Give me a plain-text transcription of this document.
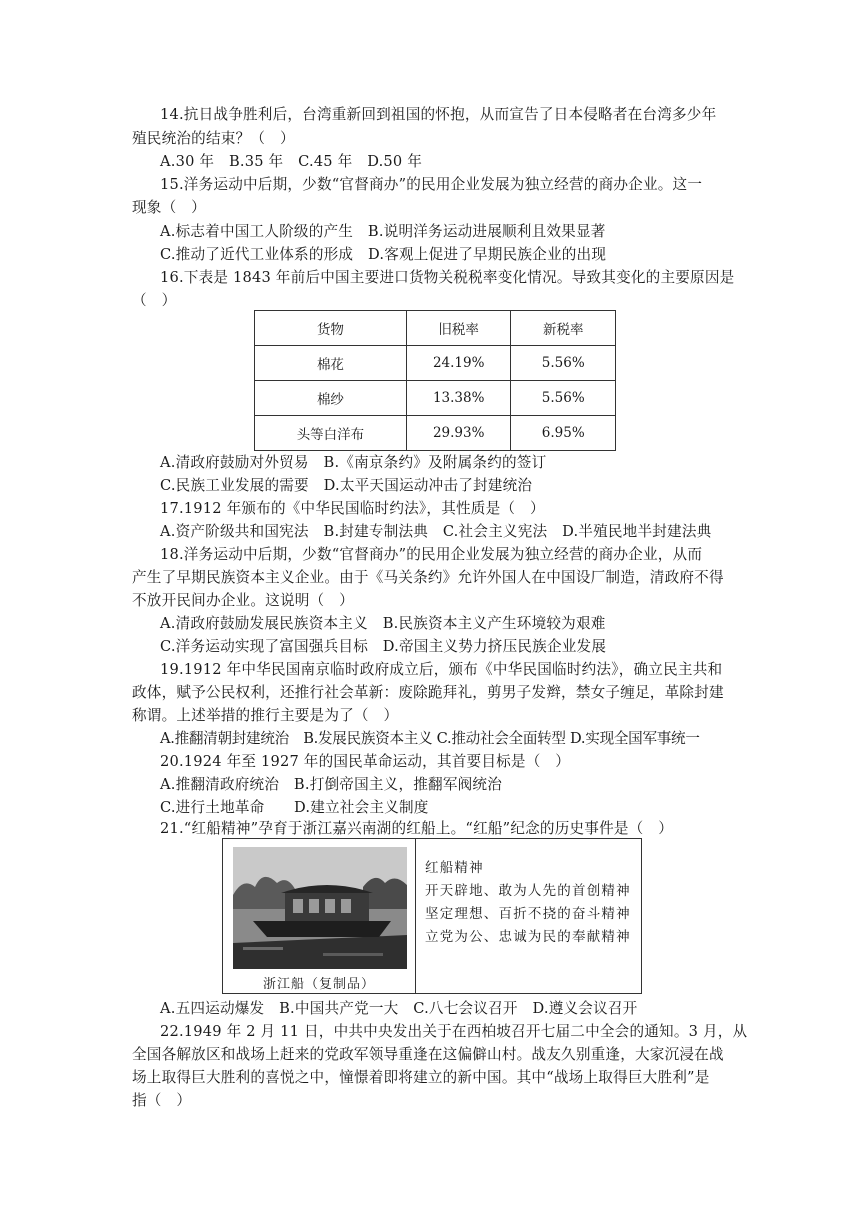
14.抗日战争胜利后，台湾重新回到祖国的怀抱，从而宣告了日本侵略者在台湾多少年
殖民统治的结束？（　）
A.30 年　B.35 年　C.45 年　D.50 年
15.洋务运动中后期，少数“官督商办”的民用企业发展为独立经营的商办企业。这一
现象（　）
A.标志着中国工人阶级的产生　B.说明洋务运动进展顺利且效果显著
C.推动了近代工业体系的形成　D.客观上促进了早期民族企业的出现
16.下表是 1843 年前后中国主要进口货物关税税率变化情况。导致其变化的主要原因是
（　）
货物	旧税率	新税率
棉花	24.19%	5.56%
棉纱	13.38%	5.56%
头等白洋布	29.93%	6.95%
A.清政府鼓励对外贸易　B.《南京条约》及附属条约的签订
C.民族工业发展的需要　D.太平天国运动冲击了封建统治
17.1912 年颁布的《中华民国临时约法》，其性质是（　）
A.资产阶级共和国宪法　B.封建专制法典　C.社会主义宪法　D.半殖民地半封建法典
18.洋务运动中后期，少数“官督商办”的民用企业发展为独立经营的商办企业，从而
产生了早期民族资本主义企业。由于《马关条约》允许外国人在中国设厂制造，清政府不得
不放开民间办企业。这说明（　）
A.清政府鼓励发展民族资本主义　B.民族资本主义产生环境较为艰难
C.洋务运动实现了富国强兵目标　D.帝国主义势力挤压民族企业发展
19.1912 年中华民国南京临时政府成立后，颁布《中华民国临时约法》，确立民主共和
政体，赋予公民权利，还推行社会革新：废除跪拜礼，剪男子发辫，禁女子缠足，革除封建
称谓。上述举措的推行主要是为了（　）
A.推翻清朝封建统治　B.发展民族资本主义 C.推动社会全面转型 D.实现全国军事统一
20.1924 年至 1927 年的国民革命运动，其首要目标是（　）
A.推翻清政府统治　B.打倒帝国主义，推翻军阀统治
C.进行土地革命　　D.建立社会主义制度
21.“红船精神”孕育于浙江嘉兴南湖的红船上。“红船”纪念的历史事件是（　）
浙江船（复制品）
红船精神
开天辟地、敢为人先的首创精神
坚定理想、百折不挠的奋斗精神
立党为公、忠诚为民的奉献精神
A.五四运动爆发　B.中国共产党一大　C.八七会议召开　D.遵义会议召开
22.1949 年 2 月 11 日，中共中央发出关于在西柏坡召开七届二中全会的通知。3 月，从
全国各解放区和战场上赶来的党政军领导重逢在这偏僻山村。战友久别重逢，大家沉浸在战
场上取得巨大胜利的喜悦之中，憧憬着即将建立的新中国。其中“战场上取得巨大胜利”是
指（　）
